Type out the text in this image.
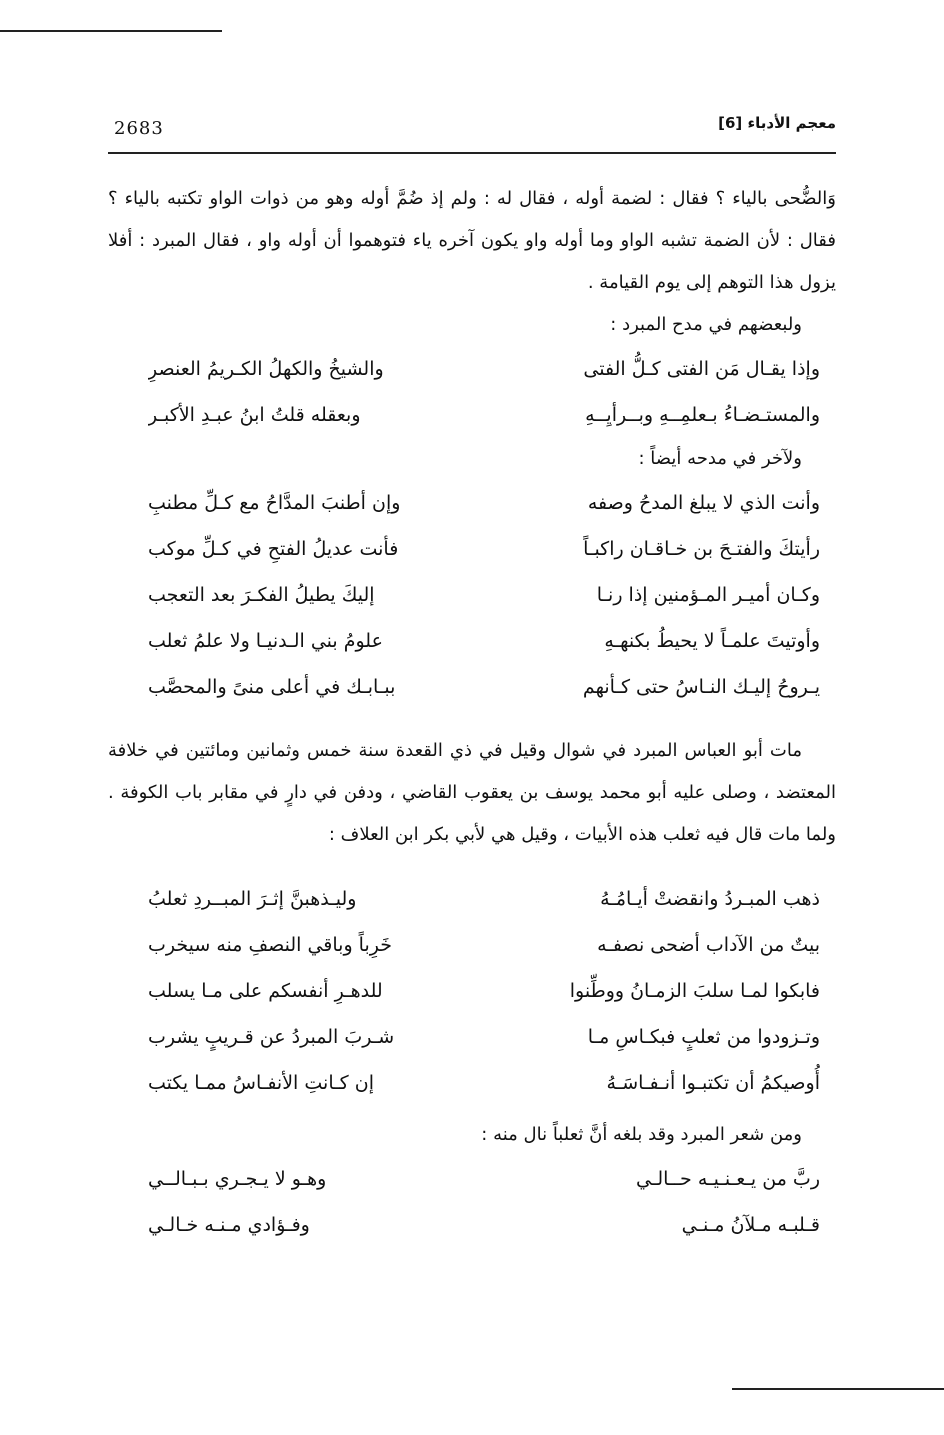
2683	معجم الأدباء [6]

وَالضُّحى بالياء ؟ فقال : لضمة أوله ، فقال له : ولم إذ ضُمَّ أوله وهو من ذوات الواو تكتبه بالياء ؟ فقال : لأن الضمة تشبه الواو وما أوله واو يكون آخره ياء فتوهموا أن أوله واو ، فقال المبرد : أفلا يزول هذا التوهم إلى يوم القيامة .

ولبعضهم في مدح المبرد :

وإذا يقـال مَن الفتى كـلُّ الفتى
والشيخُ والكهلُ الكـريمُ العنصرِ
والمستـضـاءُ بـعلمِــهِ وبــرأيِــهِ
وبعقله قلتُ ابنُ عبـدِ الأكبـر

ولآخر في مدحه أيضاً :

وأنت الذي لا يبلغ المدحُ وصفه
وإن أطنبَ المدَّاحُ مع كـلِّ مطنبِ
رأيتكَ والفتـحَ بن خـاقـان راكبـاً
فأنت عديلُ الفتحِ في كـلِّ موكب
وكـان أميـر المـؤمنين إذا رنـا
إليكَ يطيلُ الفكـرَ بعد التعجب
وأوتيتَ علمـاً لا يحيطُ بكنهـهِ
علومُ بني الـدنيـا ولا علمُ ثعلب
يـروحُ إليـك النـاسُ حتى كـأنهم
ببـابـك في أعلى منىً والمحصَّب

مات أبو العباس المبرد في شوال وقيل في ذي القعدة سنة خمس وثمانين ومائتين في خلافة المعتضد ، وصلى عليه أبو محمد يوسف بن يعقوب القاضي ، ودفن في دارٍ في مقابر باب الكوفة . ولما مات قال فيه ثعلب هذه الأبيات ، وقيل هي لأبي بكر ابن العلاف :

ذهب المبـردُ وانقضتْ أيـامُـهُ
وليـذهبنَّ إثـرَ المبــردِ ثعلبُ
بيتٌ من الآداب أضحى نصفـه
خَرِباً وباقي النصفِ منه سيخرب
فابكوا لمـا سلبَ الزمـانُ ووطِّنوا
للدهـرِ أنفسكم على مـا يسلب
وتـزودوا من ثعلبٍ فبكـاسِ مـا
شـربَ المبردُ عن قـريبٍ يشرب
أُوصيكمُ أن تكتبـوا أنـفـاسَـهُ
إن كـانتِ الأنفـاسُ ممـا يكتب

ومن شعر المبرد وقد بلغه أنَّ ثعلباً نال منه :

ربَّ من يـعـنـيـه حــالـي
وهـو لا يـجـري بـبـالــي
قـلبـه مـلآنُ مـنـي
وفـؤادي مـنـه خـالـي
